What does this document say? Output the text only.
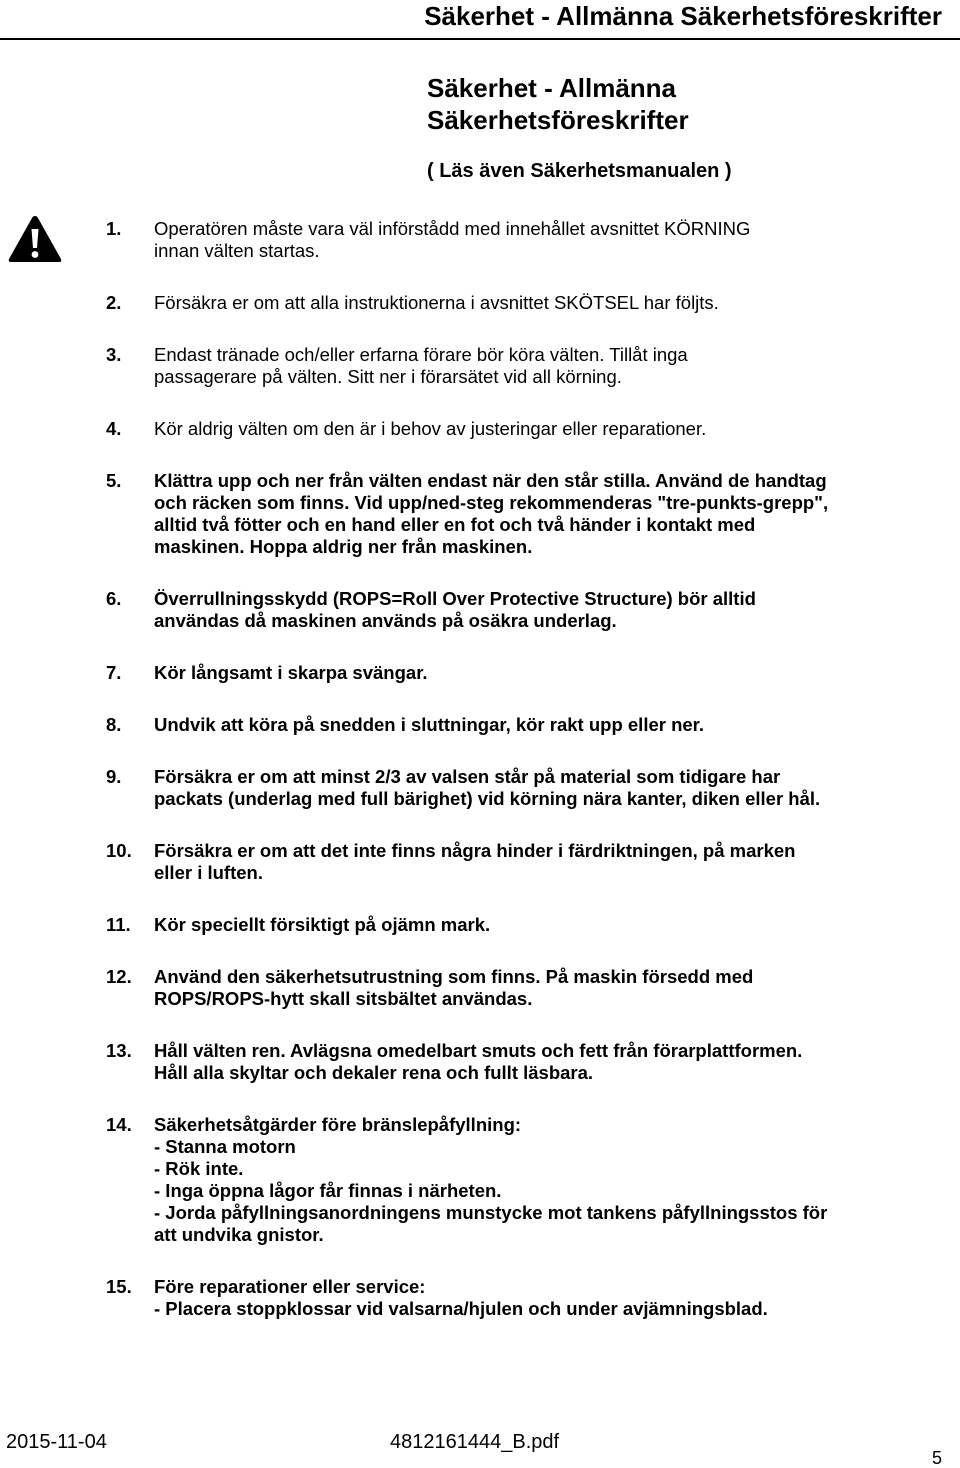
Säkerhet - Allmänna Säkerhetsföreskrifter
Säkerhet - Allmänna
Säkerhetsföreskrifter
( Läs även Säkerhetsmanualen )
1. Operatören måste vara väl införstådd med innehållet avsnittet KÖRNING
innan välten startas.
2. Försäkra er om att alla instruktionerna i avsnittet SKÖTSEL har följts.
3. Endast tränade och/eller erfarna förare bör köra välten. Tillåt inga
passagerare på välten. Sitt ner i förarsätet vid all körning.
4. Kör aldrig välten om den är i behov av justeringar eller reparationer.
5. Klättra upp och ner från välten endast när den står stilla. Använd de handtag
och räcken som finns. Vid upp/ned-steg rekommenderas "tre-punkts-grepp",
alltid två fötter och en hand eller en fot och två händer i kontakt med
maskinen. Hoppa aldrig ner från maskinen.
6. Överrullningsskydd (ROPS=Roll Over Protective Structure) bör alltid
användas då maskinen används på osäkra underlag.
7. Kör långsamt i skarpa svängar.
8. Undvik att köra på snedden i sluttningar, kör rakt upp eller ner.
9. Försäkra er om att minst 2/3 av valsen står på material som tidigare har
packats (underlag med full bärighet) vid körning nära kanter, diken eller hål.
10. Försäkra er om att det inte finns några hinder i färdriktningen, på marken
eller i luften.
11. Kör speciellt försiktigt på ojämn mark.
12. Använd den säkerhetsutrustning som finns. På maskin försedd med
ROPS/ROPS-hytt skall sitsbältet användas.
13. Håll välten ren. Avlägsna omedelbart smuts och fett från förarplattformen.
Håll alla skyltar och dekaler rena och fullt läsbara.
14. Säkerhetsåtgärder före bränslepåfyllning:
- Stanna motorn
- Rök inte.
- Inga öppna lågor får finnas i närheten.
- Jorda påfyllningsanordningens munstycke mot tankens påfyllningsstos för
att undvika gnistor.
15. Före reparationer eller service:
- Placera stoppklossar vid valsarna/hjulen och under avjämningsblad.
2015-11-04	4812161444_B.pdf
5
